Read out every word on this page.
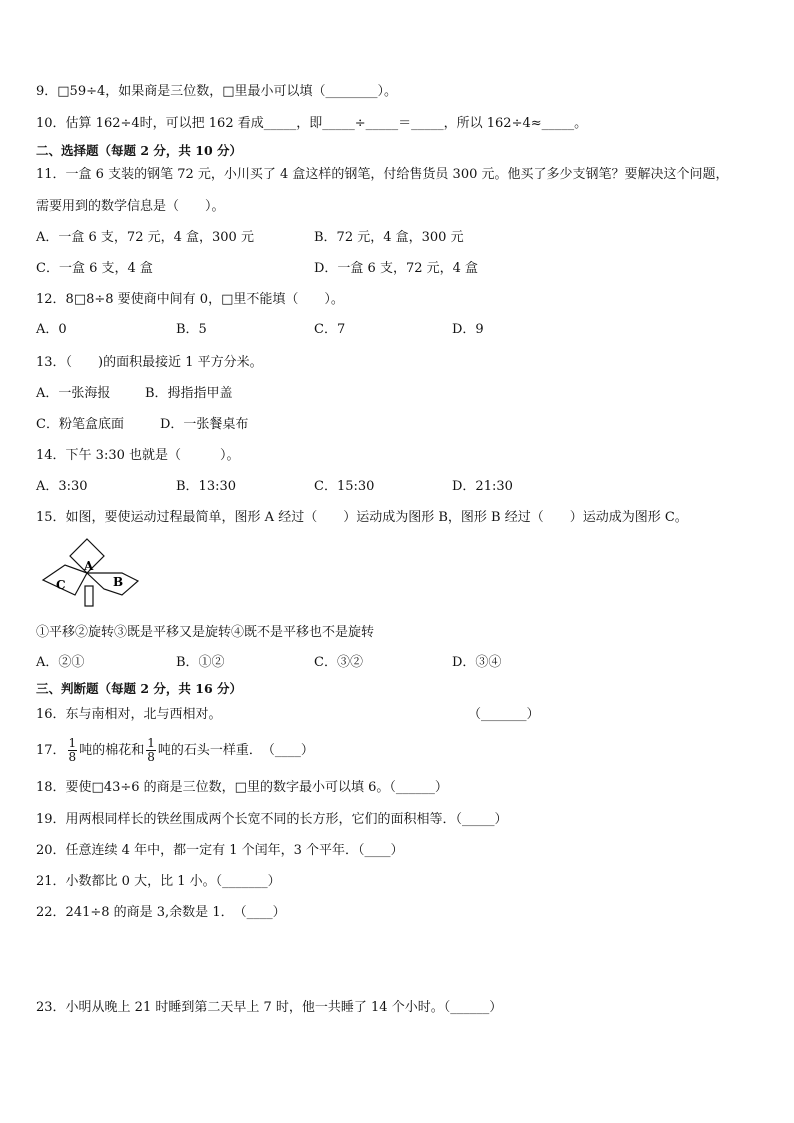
9．□59÷4，如果商是三位数，□里最小可以填（________）。
10．估算 162÷4时，可以把 162 看成_____，即_____÷_____＝_____，所以 162÷4≈_____。
二、选择题（每题 2 分，共 10 分）
11．一盒 6 支装的钢笔 72 元，小川买了 4 盒这样的钢笔，付给售货员 300 元。他买了多少支钢笔？要解决这个问题，
需要用到的数学信息是（　　）。
A．一盒 6 支，72 元，4 盒，300 元	B．72 元，4 盒，300 元
C．一盒 6 支，4 盒	D．一盒 6 支，72 元，4 盒
12．8□8÷8 要使商中间有 0，□里不能填（　　）。
A．0	B．5	C．7	D．9
13．（　　)的面积最接近 1 平方分米。
A．一张海报	B．拇指指甲盖
C．粉笔盒底面	D．一张餐桌布
14．下午 3:30 也就是（　　　）。
A．3:30	B．13:30	C．15:30	D．21:30
15．如图，要使运动过程最简单，图形 A 经过（　　）运动成为图形 B，图形 B 经过（　　）运动成为图形 C。
A
B
C
①平移②旋转③既是平移又是旋转④既不是平移也不是旋转
A．②①	B．①②	C．③②	D．③④
三、判断题（每题 2 分，共 16 分）
16．东与南相对，北与西相对。	（_______）
17． $\frac{1}{8}$ 吨的棉花和 $\frac{1}{8}$ 吨的石头一样重．　（____）
18．要使□43÷6 的商是三位数，□里的数字最小可以填 6。（______）
19．用两根同样长的铁丝围成两个长宽不同的长方形，它们的面积相等．（_____）
20．任意连续 4 年中，都一定有 1 个闰年，3 个平年．（____）
21．小数都比 0 大，比 1 小。（_______）
22．241÷8 的商是 3,余数是 1．　（____）
23．小明从晚上 21 时睡到第二天早上 7 时，他一共睡了 14 个小时。（______）
